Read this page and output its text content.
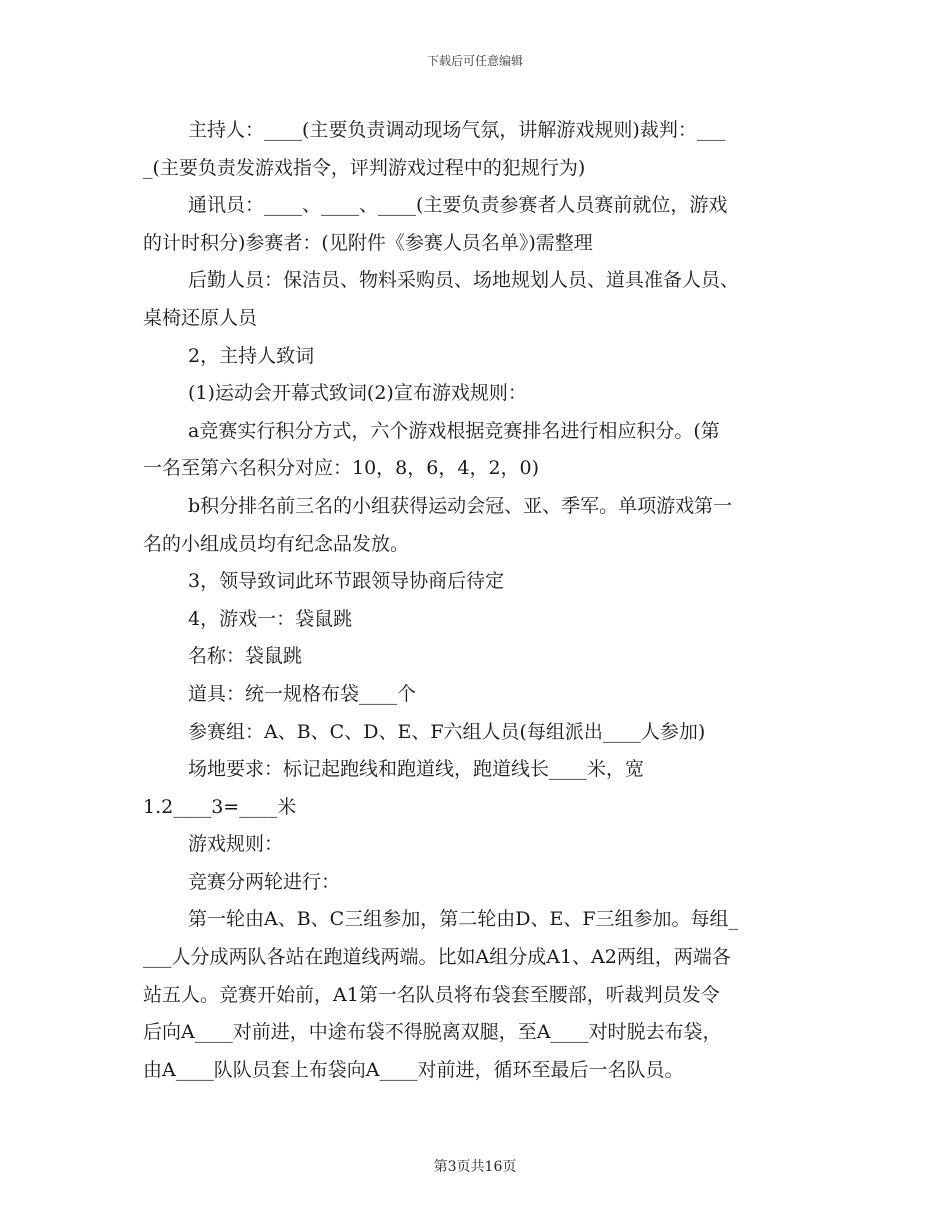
下载后可任意编辑
主持人：____(主要负责调动现场气氛，讲解游戏规则)裁判：___
_(主要负责发游戏指令，评判游戏过程中的犯规行为)
通讯员：____、____、____(主要负责参赛者人员赛前就位，游戏
的计时积分)参赛者：(见附件《参赛人员名单》)需整理
后勤人员：保洁员、物料采购员、场地规划人员、道具准备人员、
桌椅还原人员
2，主持人致词
(1)运动会开幕式致词(2)宣布游戏规则：
a竞赛实行积分方式，六个游戏根据竞赛排名进行相应积分。(第
一名至第六名积分对应：10，8，6，4，2，0)
b积分排名前三名的小组获得运动会冠、亚、季军。单项游戏第一
名的小组成员均有纪念品发放。
3，领导致词此环节跟领导协商后待定
4，游戏一：袋鼠跳
名称：袋鼠跳
道具：统一规格布袋____个
参赛组：A、B、C、D、E、F六组人员(每组派出____人参加)
场地要求：标记起跑线和跑道线，跑道线长____米，宽
1.2____3=____米
游戏规则：
竞赛分两轮进行：
第一轮由A、B、C三组参加，第二轮由D、E、F三组参加。每组_
___人分成两队各站在跑道线两端。比如A组分成A1、A2两组，两端各
站五人。竞赛开始前，A1第一名队员将布袋套至腰部，听裁判员发令
后向A____对前进，中途布袋不得脱离双腿，至A____对时脱去布袋，
由A____队队员套上布袋向A____对前进，循环至最后一名队员。
第3页共16页
